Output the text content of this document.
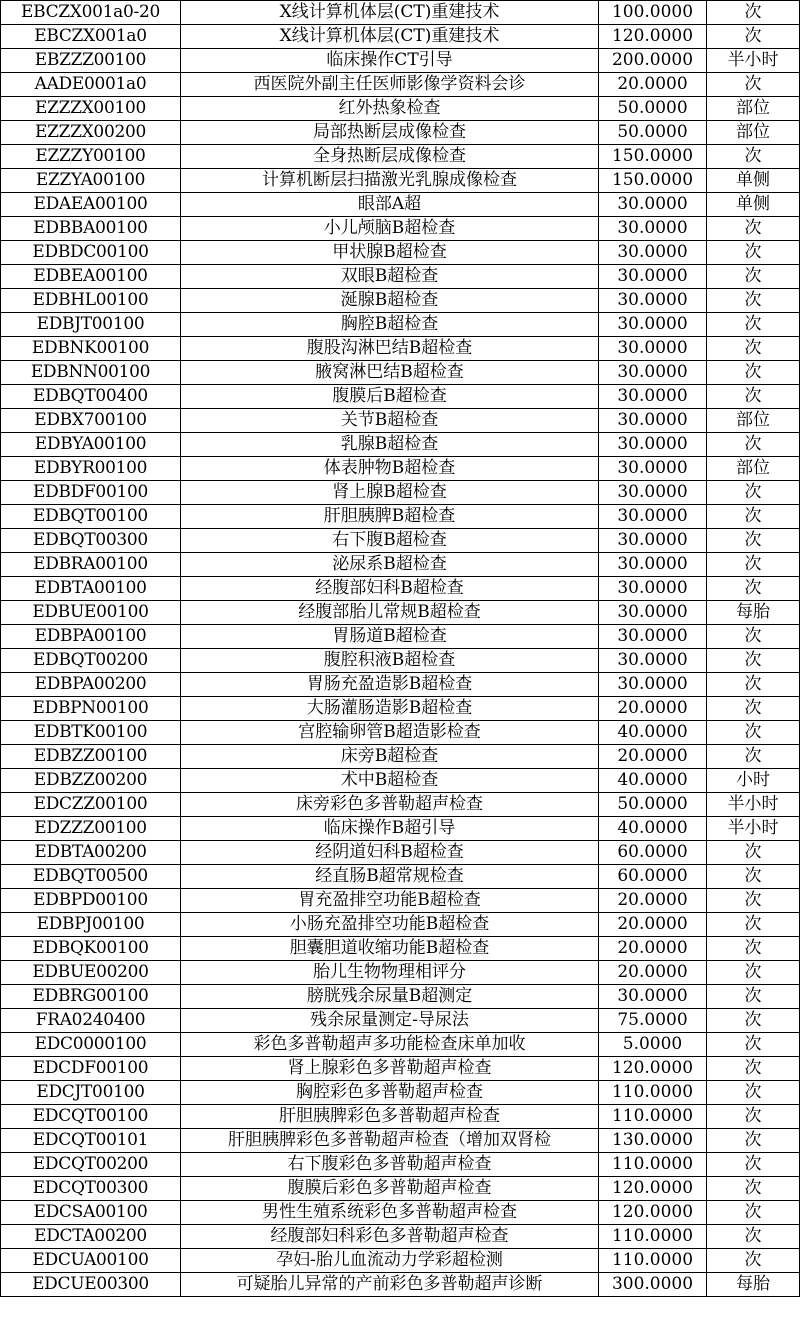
EBCZX001a0-20	X线计算机体层(CT)重建技术	100.0000	次
EBCZX001a0	X线计算机体层(CT)重建技术	120.0000	次
EBZZZ00100	临床操作CT引导	200.0000	半小时
AADE0001a0	西医院外副主任医师影像学资料会诊	20.0000	次
EZZZX00100	红外热象检查	50.0000	部位
EZZZX00200	局部热断层成像检查	50.0000	部位
EZZZY00100	全身热断层成像检查	150.0000	次
EZZYA00100	计算机断层扫描激光乳腺成像检查	150.0000	单侧
EDAEA00100	眼部A超	30.0000	单侧
EDBBA00100	小儿颅脑B超检查	30.0000	次
EDBDC00100	甲状腺B超检查	30.0000	次
EDBEA00100	双眼B超检查	30.0000	次
EDBHL00100	涎腺B超检查	30.0000	次
EDBJT00100	胸腔B超检查	30.0000	次
EDBNK00100	腹股沟淋巴结B超检查	30.0000	次
EDBNN00100	腋窝淋巴结B超检查	30.0000	次
EDBQT00400	腹膜后B超检查	30.0000	次
EDBX700100	关节B超检查	30.0000	部位
EDBYA00100	乳腺B超检查	30.0000	次
EDBYR00100	体表肿物B超检查	30.0000	部位
EDBDF00100	肾上腺B超检查	30.0000	次
EDBQT00100	肝胆胰脾B超检查	30.0000	次
EDBQT00300	右下腹B超检查	30.0000	次
EDBRA00100	泌尿系B超检查	30.0000	次
EDBTA00100	经腹部妇科B超检查	30.0000	次
EDBUE00100	经腹部胎儿常规B超检查	30.0000	每胎
EDBPA00100	胃肠道B超检查	30.0000	次
EDBQT00200	腹腔积液B超检查	30.0000	次
EDBPA00200	胃肠充盈造影B超检查	30.0000	次
EDBPN00100	大肠灌肠造影B超检查	20.0000	次
EDBTK00100	宫腔输卵管B超造影检查	40.0000	次
EDBZZ00100	床旁B超检查	20.0000	次
EDBZZ00200	术中B超检查	40.0000	小时
EDCZZ00100	床旁彩色多普勒超声检查	50.0000	半小时
EDZZZ00100	临床操作B超引导	40.0000	半小时
EDBTA00200	经阴道妇科B超检查	60.0000	次
EDBQT00500	经直肠B超常规检查	60.0000	次
EDBPD00100	胃充盈排空功能B超检查	20.0000	次
EDBPJ00100	小肠充盈排空功能B超检查	20.0000	次
EDBQK00100	胆囊胆道收缩功能B超检查	20.0000	次
EDBUE00200	胎儿生物物理相评分	20.0000	次
EDBRG00100	膀胱残余尿量B超测定	30.0000	次
FRA0240400	残余尿量测定-导尿法	75.0000	次
EDC0000100	彩色多普勒超声多功能检查床单加收	5.0000	次
EDCDF00100	肾上腺彩色多普勒超声检查	120.0000	次
EDCJT00100	胸腔彩色多普勒超声检查	110.0000	次
EDCQT00100	肝胆胰脾彩色多普勒超声检查	110.0000	次
EDCQT00101	肝胆胰脾彩色多普勒超声检查（增加双肾检	130.0000	次
EDCQT00200	右下腹彩色多普勒超声检查	110.0000	次
EDCQT00300	腹膜后彩色多普勒超声检查	120.0000	次
EDCSA00100	男性生殖系统彩色多普勒超声检查	120.0000	次
EDCTA00200	经腹部妇科彩色多普勒超声检查	110.0000	次
EDCUA00100	孕妇-胎儿血流动力学彩超检测	110.0000	次
EDCUE00300	可疑胎儿异常的产前彩色多普勒超声诊断	300.0000	每胎
